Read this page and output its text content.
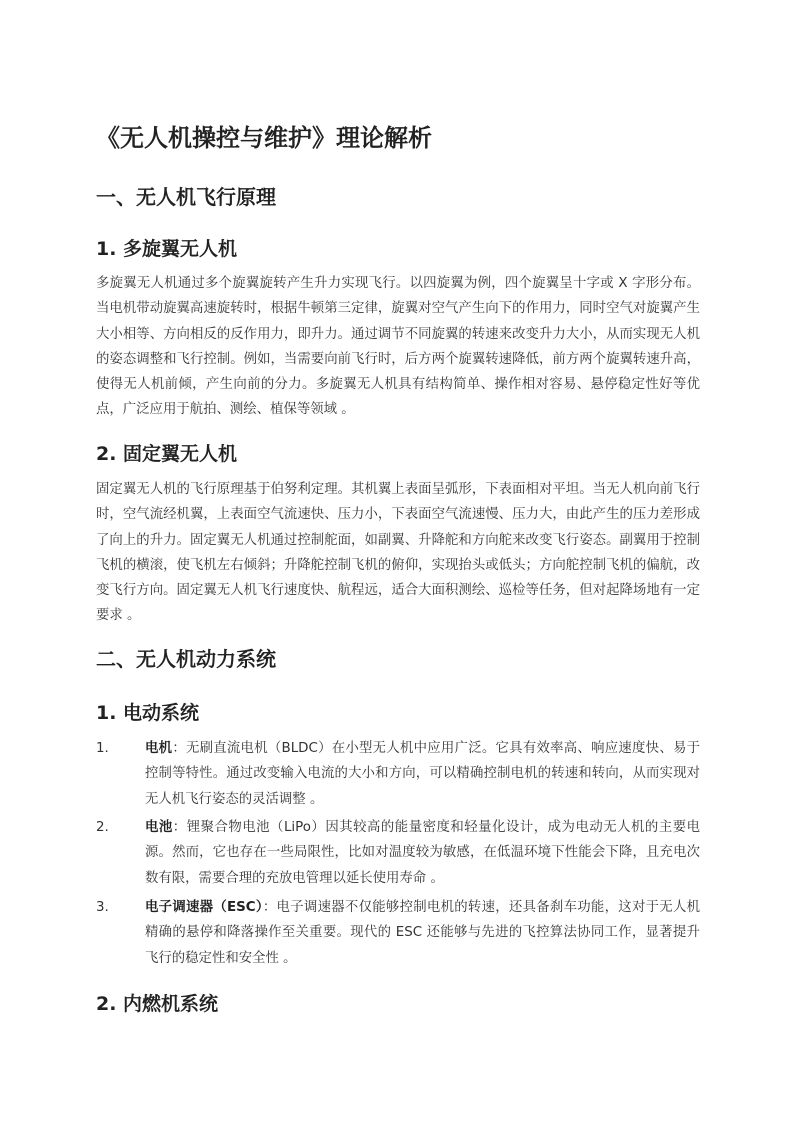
《无人机操控与维护》理论解析
一、无人机飞行原理
1. 多旋翼无人机

多旋翼无人机通过多个旋翼旋转产生升力实现飞行。以四旋翼为例，四个旋翼呈十字或 X 字形分布。当电机带动旋翼高速旋转时，根据牛顿第三定律，旋翼对空气产生向下的作用力，同时空气对旋翼产生大小相等、方向相反的反作用力，即升力。通过调节不同旋翼的转速来改变升力大小，从而实现无人机的姿态调整和飞行控制。例如，当需要向前飞行时，后方两个旋翼转速降低，前方两个旋翼转速升高，使得无人机前倾，产生向前的分力。多旋翼无人机具有结构简单、操作相对容易、悬停稳定性好等优点，广泛应用于航拍、测绘、植保等领域 。

2. 固定翼无人机

固定翼无人机的飞行原理基于伯努利定理。其机翼上表面呈弧形，下表面相对平坦。当无人机向前飞行时，空气流经机翼，上表面空气流速快、压力小，下表面空气流速慢、压力大，由此产生的压力差形成了向上的升力。固定翼无人机通过控制舵面，如副翼、升降舵和方向舵来改变飞行姿态。副翼用于控制飞机的横滚，使飞机左右倾斜；升降舵控制飞机的俯仰，实现抬头或低头；方向舵控制飞机的偏航，改变飞行方向。固定翼无人机飞行速度快、航程远，适合大面积测绘、巡检等任务，但对起降场地有一定要求 。

二、无人机动力系统
1. 电动系统
1.	电机：无刷直流电机（BLDC）在小型无人机中应用广泛。它具有效率高、响应速度快、易于控制等特性。通过改变输入电流的大小和方向，可以精确控制电机的转速和转向，从而实现对无人机飞行姿态的灵活调整 。

2.	电池：锂聚合物电池（LiPo）因其较高的能量密度和轻量化设计，成为电动无人机的主要电源。然而，它也存在一些局限性，比如对温度较为敏感，在低温环境下性能会下降，且充电次数有限，需要合理的充放电管理以延长使用寿命 。

3.	电子调速器（ESC）：电子调速器不仅能够控制电机的转速，还具备刹车功能，这对于无人机精确的悬停和降落操作至关重要。现代的 ESC 还能够与先进的飞控算法协同工作，显著提升飞行的稳定性和安全性 。

2. 内燃机系统
